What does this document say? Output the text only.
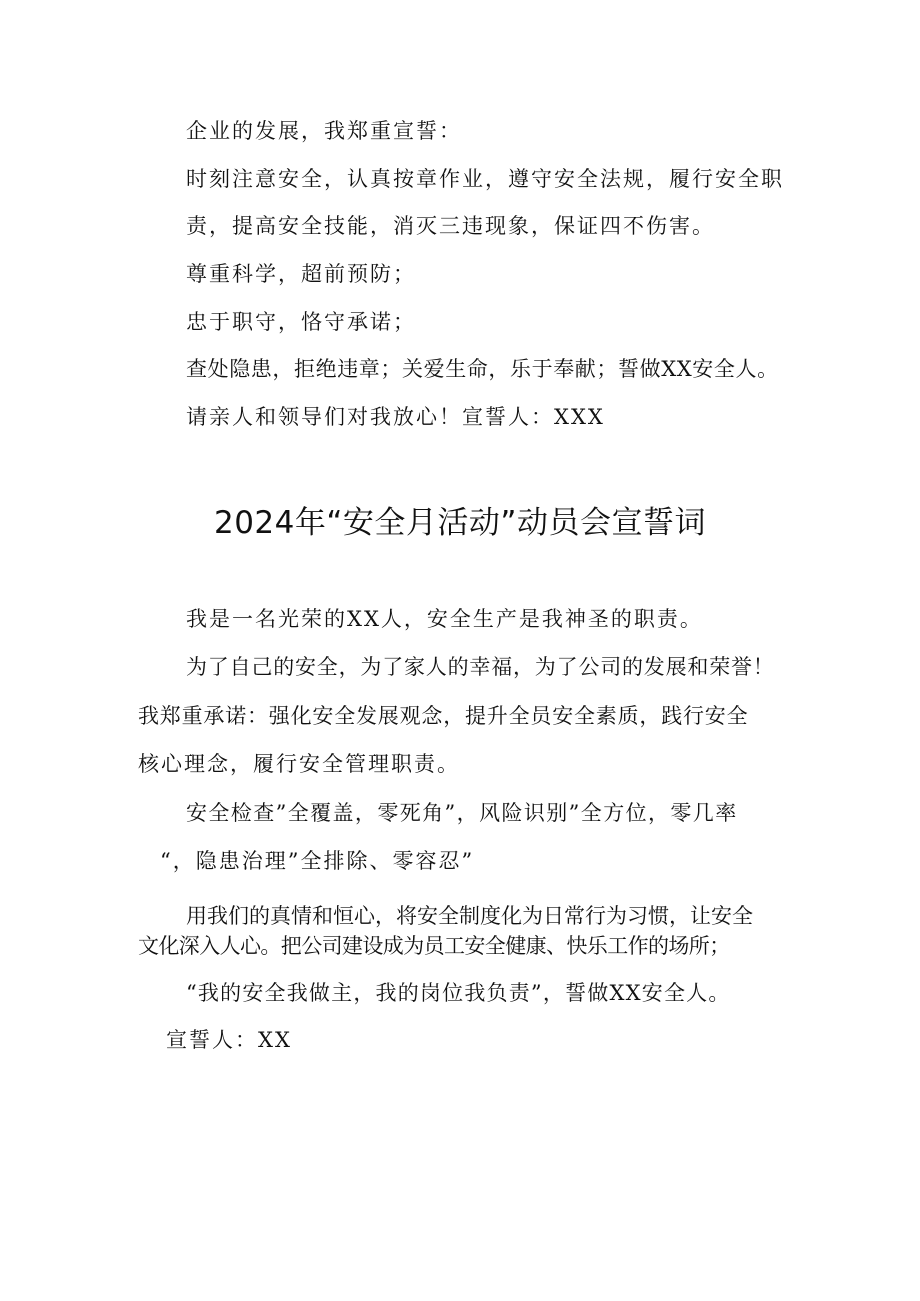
企业的发展，我郑重宣誓：
时刻注意安全，认真按章作业，遵守安全法规，履行安全职
责，提高安全技能，消灭三违现象，保证四不伤害。
尊重科学，超前预防；
忠于职守，恪守承诺；
查处隐患，拒绝违章；关爱生命，乐于奉献；誓做XX安全人。
请亲人和领导们对我放心！宣誓人：XXX
2024年“安全月活动”动员会宣誓词
我是一名光荣的XX人，安全生产是我神圣的职责。
为了自己的安全，为了家人的幸福，为了公司的发展和荣誉！
我郑重承诺：强化安全发展观念，提升全员安全素质，践行安全
核心理念，履行安全管理职责。
安全检查”全覆盖，零死角”，风险识别”全方位，零几率
“，隐患治理”全排除、零容忍”
用我们的真情和恒心，将安全制度化为日常行为习惯，让安全
文化深入人心。把公司建设成为员工安全健康、快乐工作的场所；
“我的安全我做主，我的岗位我负责”，誓做XX安全人。
宣誓人：XX
